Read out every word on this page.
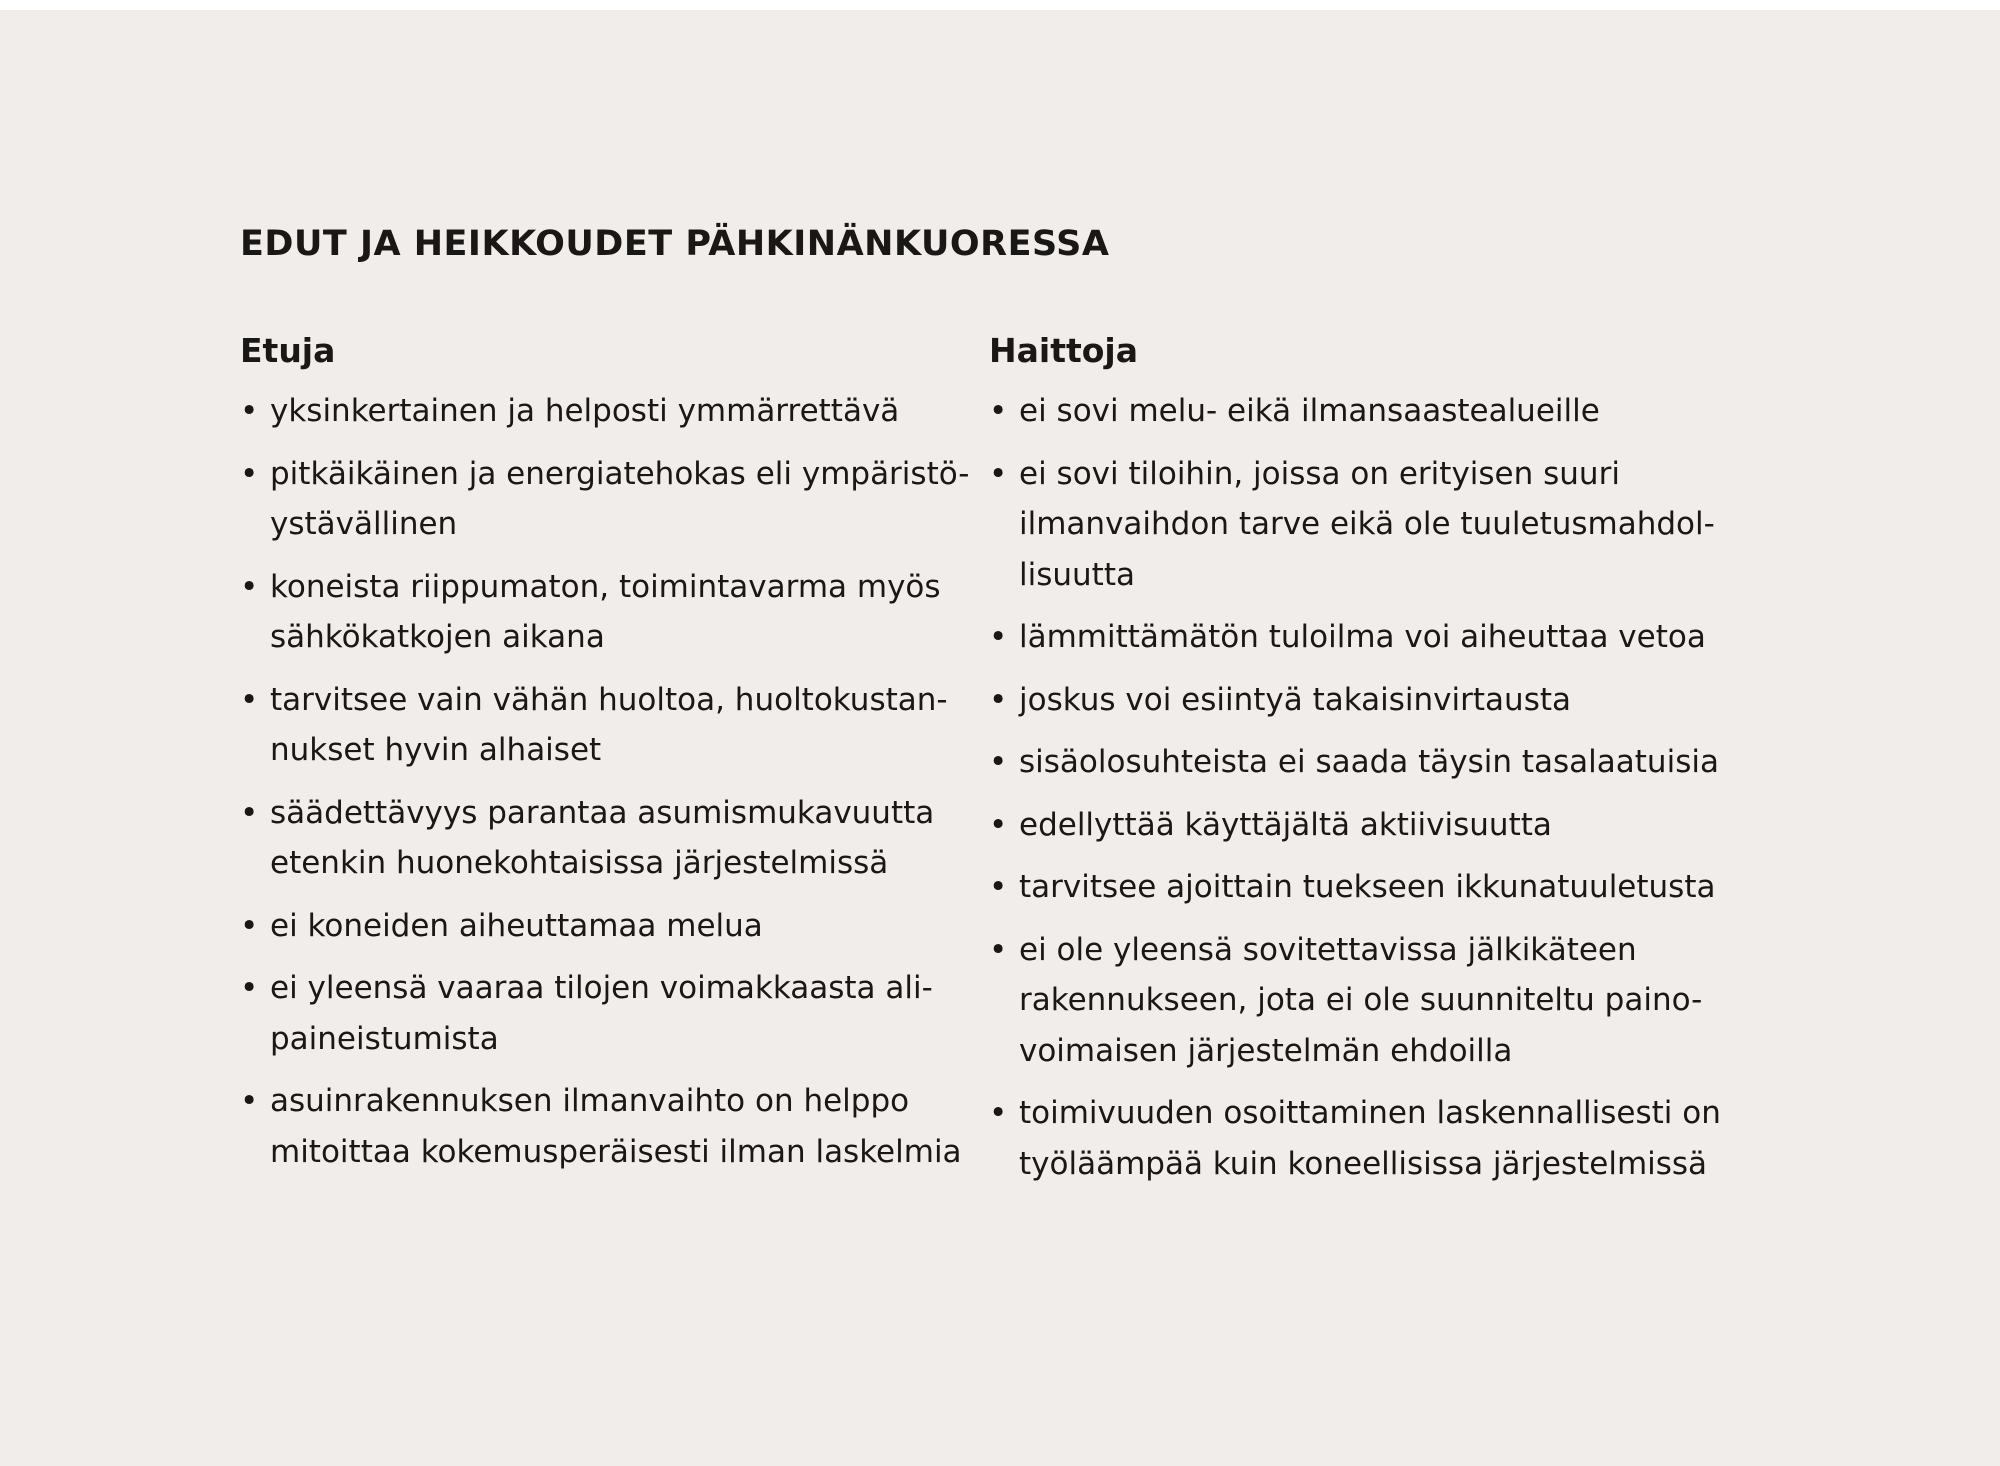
EDUT JA HEIKKOUDET PÄHKINÄNKUORESSA
Etuja
• yksinkertainen ja helposti ymmärrettävä
• pitkäikäinen ja energiatehokas eli ympäristö-
ystävällinen
• koneista riippumaton, toimintavarma myös
sähkökatkojen aikana
• tarvitsee vain vähän huoltoa, huoltokustan-
nukset hyvin alhaiset
• säädettävyys parantaa asumismukavuutta
etenkin huonekohtaisissa järjestelmissä
• ei koneiden aiheuttamaa melua
• ei yleensä vaaraa tilojen voimakkaasta ali-
paineistumista
• asuinrakennuksen ilmanvaihto on helppo
mitoittaa kokemusperäisesti ilman laskelmia
Haittoja
• ei sovi melu- eikä ilmansaastealueille
• ei sovi tiloihin, joissa on erityisen suuri
ilmanvaihdon tarve eikä ole tuuletusmahdol-
lisuutta
• lämmittämätön tuloilma voi aiheuttaa vetoa
• joskus voi esiintyä takaisinvirtausta
• sisäolosuhteista ei saada täysin tasalaatuisia
• edellyttää käyttäjältä aktiivisuutta
• tarvitsee ajoittain tuekseen ikkunatuuletusta
• ei ole yleensä sovitettavissa jälkikäteen
rakennukseen, jota ei ole suunniteltu paino-
voimaisen järjestelmän ehdoilla
• toimivuuden osoittaminen laskennallisesti on
työläämpää kuin koneellisissa järjestelmissä
